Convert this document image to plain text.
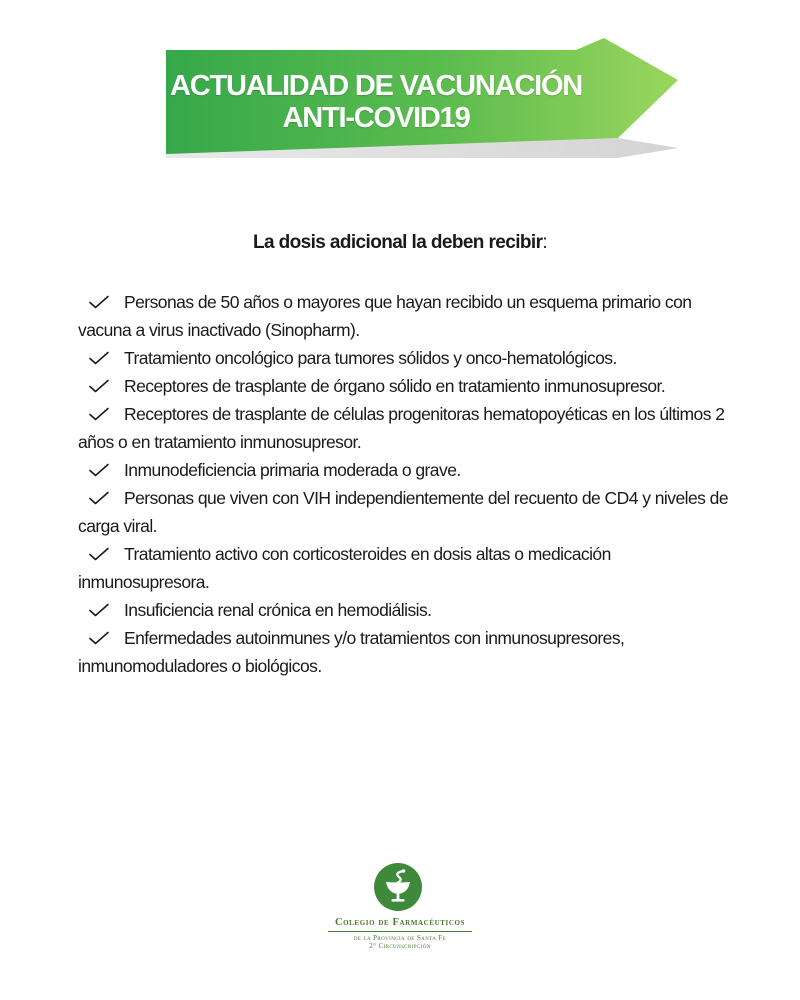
ACTUALIDAD DE VACUNACIÓN
ANTI-COVID19

La dosis adicional la deben recibir:

Personas de 50 años o mayores que hayan recibido un esquema primario con vacuna a virus inactivado (Sinopharm).
Tratamiento oncológico para tumores sólidos y onco-hematológicos.
Receptores de trasplante de órgano sólido en tratamiento inmunosupresor.
Receptores de trasplante de células progenitoras hematopoyéticas en los últimos 2 años o en tratamiento inmunosupresor.
Inmunodeficiencia primaria moderada o grave.
Personas que viven con VIH independientemente del recuento de CD4 y niveles de carga viral.
Tratamiento activo con corticosteroides en dosis altas o medicación inmunosupresora.
Insuficiencia renal crónica en hemodiálisis.
Enfermedades autoinmunes y/o tratamientos con inmunosupresores, inmunomoduladores o biológicos.

Colegio de Farmacéuticos

de la Provincia de Santa Fe
2° Circunscripción
